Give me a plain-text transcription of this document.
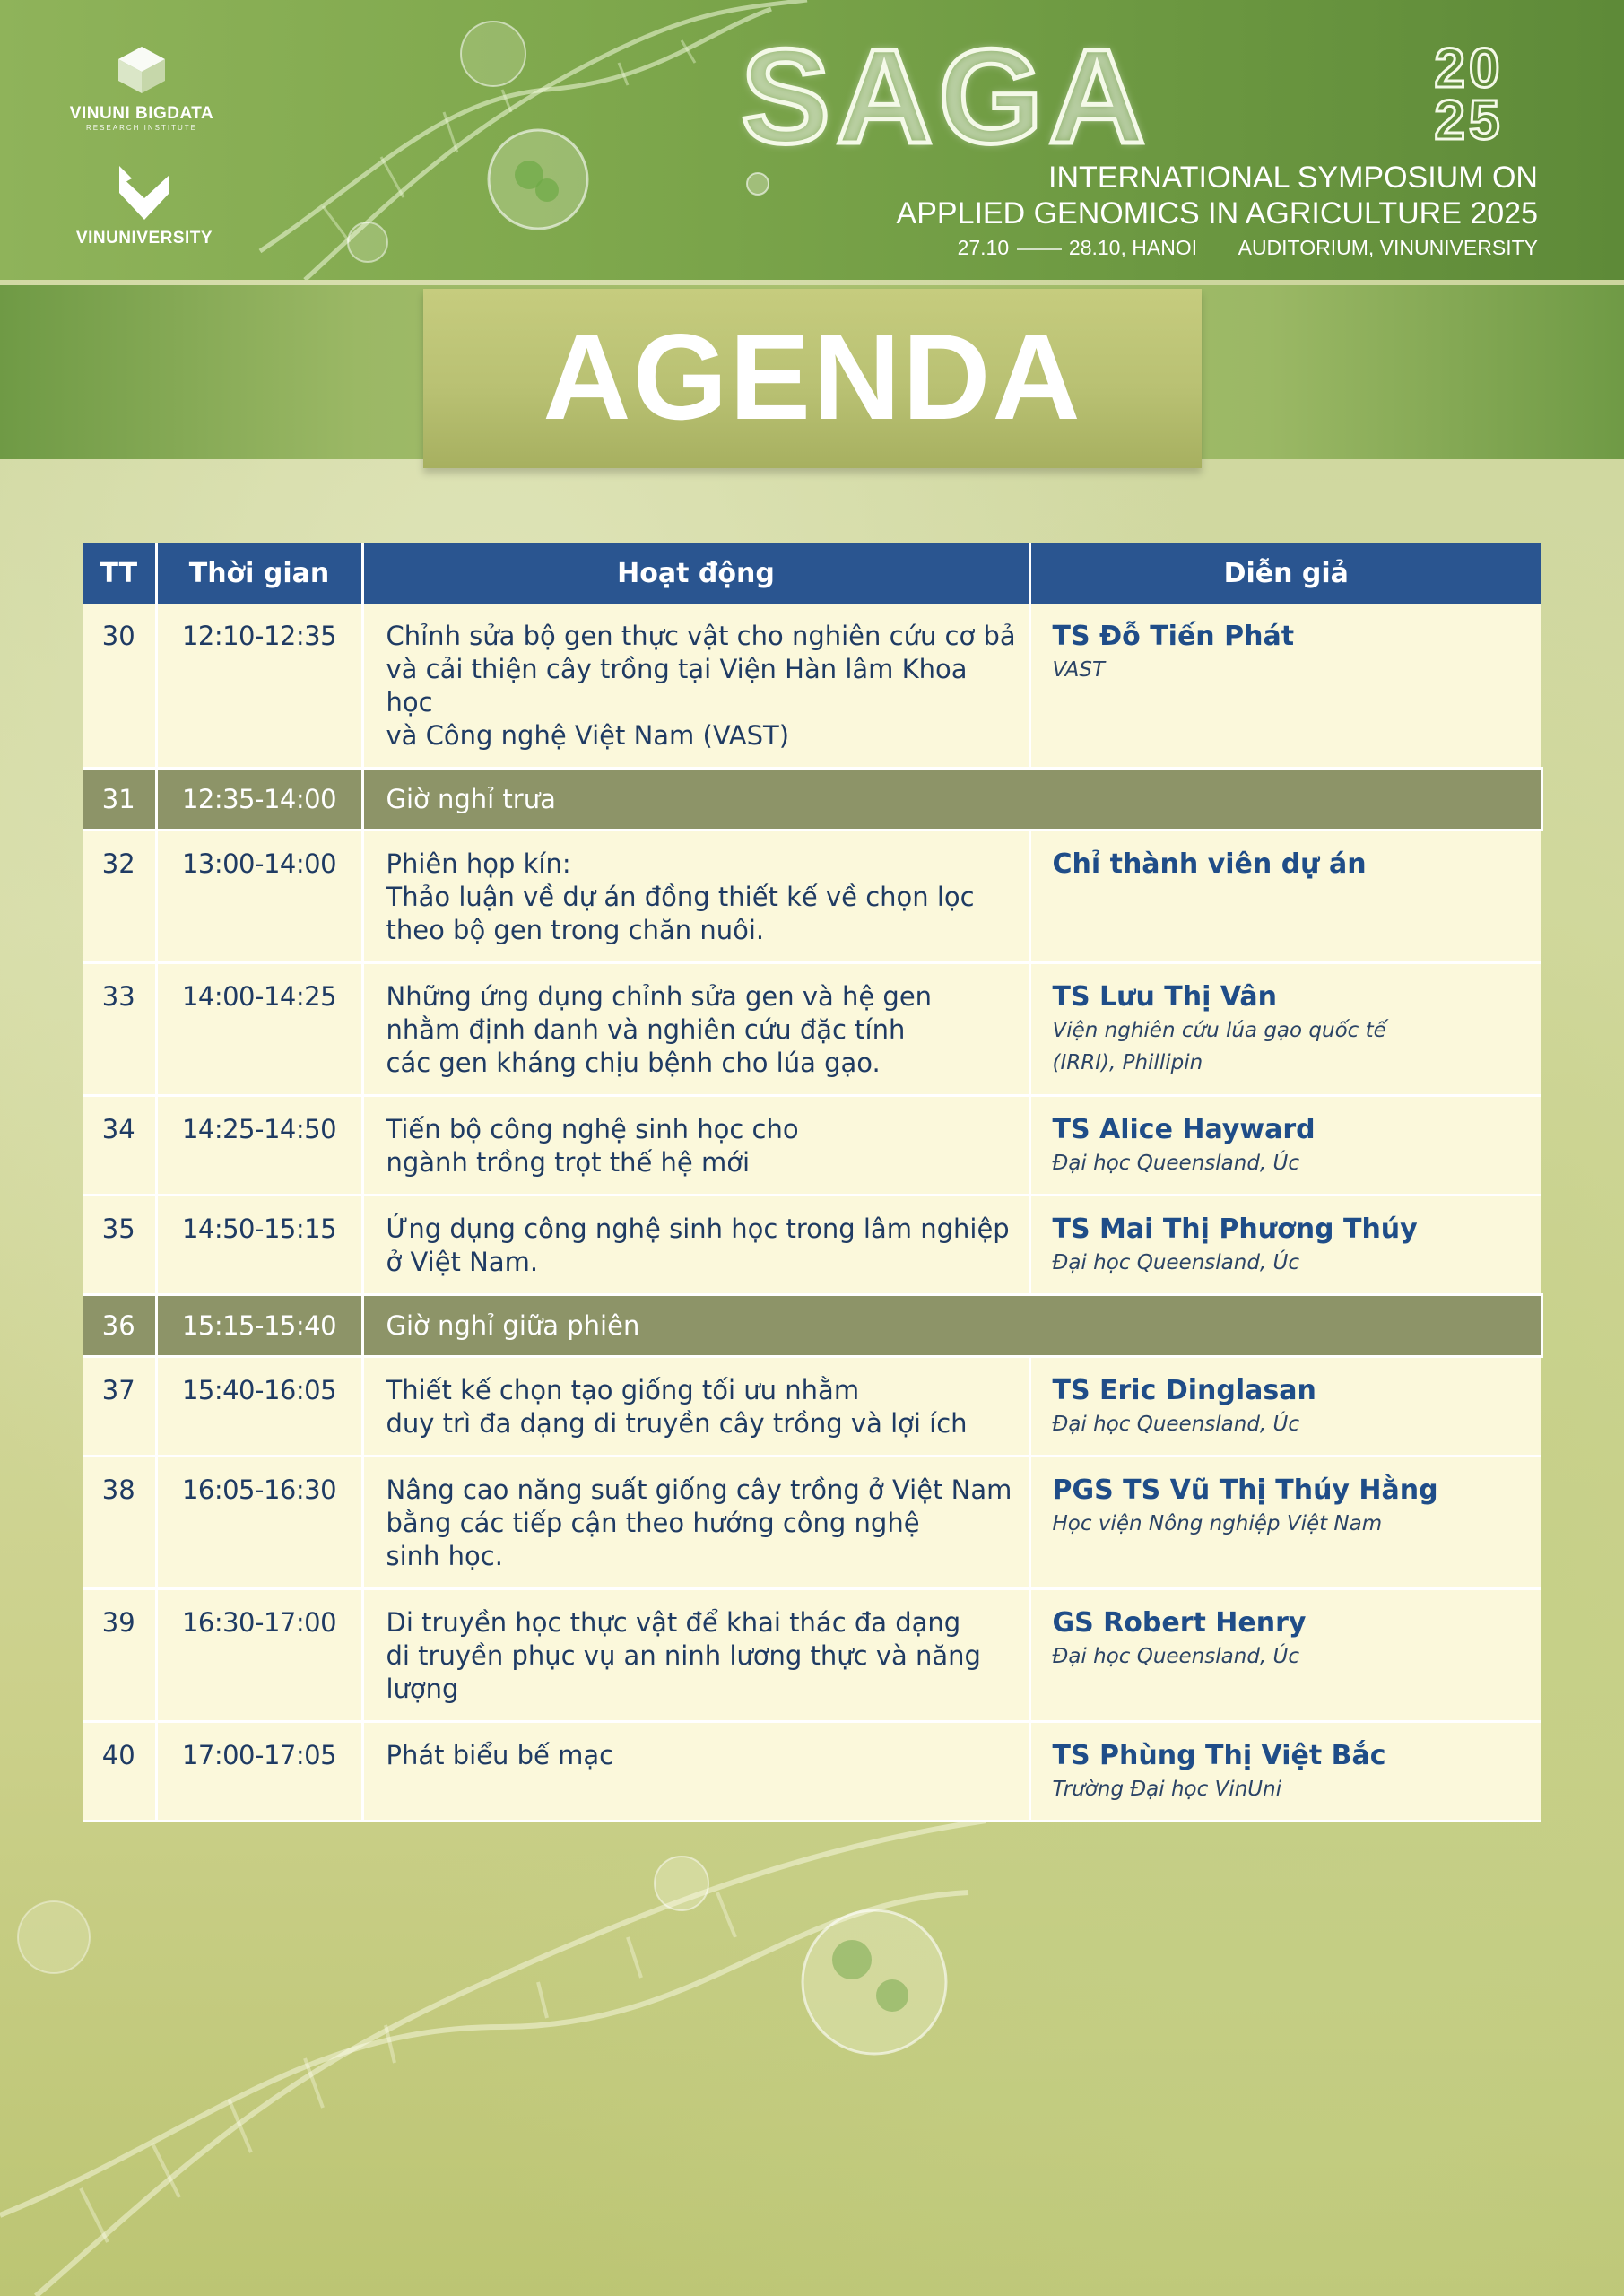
VINUNI BIGDATA
RESEARCH INSTITUTE
VINUNIVERSITY
SAGA	20
25
INTERNATIONAL SYMPOSIUM ON
APPLIED GENOMICS IN AGRICULTURE 2025
27.10	28.10, HANOI AUDITORIUM, VINUNIVERSITY
AGENDA
TT	Thời gian	Hoạt động	Diễn giả
30	12:10-12:35	Chỉnh sửa bộ gen thực vật cho nghiên cứu cơ bả
và cải thiện cây trồng tại Viện Hàn lâm Khoa học
và Công nghệ Việt Nam (VAST)	TS Đỗ Tiến Phát
VAST

31	12:35-14:00	Giờ nghỉ trưa	
32	13:00-14:00	Phiên họp kín:
Thảo luận về dự án đồng thiết kế về chọn lọc
theo bộ gen trong chăn nuôi.	Chỉ thành viên dự án

33	14:00-14:25	Những ứng dụng chỉnh sửa gen và hệ gen
nhằm định danh và nghiên cứu đặc tính
các gen kháng chịu bệnh cho lúa gạo.	TS Lưu Thị Vân
Viện nghiên cứu lúa gạo quốc tế
(IRRI), Phillipin

34	14:25-14:50	Tiến bộ công nghệ sinh học cho
ngành trồng trọt thế hệ mới	TS Alice Hayward
Đại học Queensland, Úc

35	14:50-15:15	Ứng dụng công nghệ sinh học trong lâm nghiệp
ở Việt Nam.	TS Mai Thị Phương Thúy
Đại học Queensland, Úc

36	15:15-15:40	Giờ nghỉ giữa phiên	
37	15:40-16:05	Thiết kế chọn tạo giống tối ưu nhằm
duy trì đa dạng di truyền cây trồng và lợi ích	TS Eric Dinglasan
Đại học Queensland, Úc

38	16:05-16:30	Nâng cao năng suất giống cây trồng ở Việt Nam
bằng các tiếp cận theo hướng công nghệ
sinh học.	PGS TS Vũ Thị Thúy Hằng
Học viện Nông nghiệp Việt Nam

39	16:30-17:00	Di truyền học thực vật để khai thác đa dạng
di truyền phục vụ an ninh lương thực và năng lượng	GS Robert Henry
Đại học Queensland, Úc

40	17:00-17:05	Phát biểu bế mạc	TS Phùng Thị Việt Bắc
Trường Đại học VinUni
